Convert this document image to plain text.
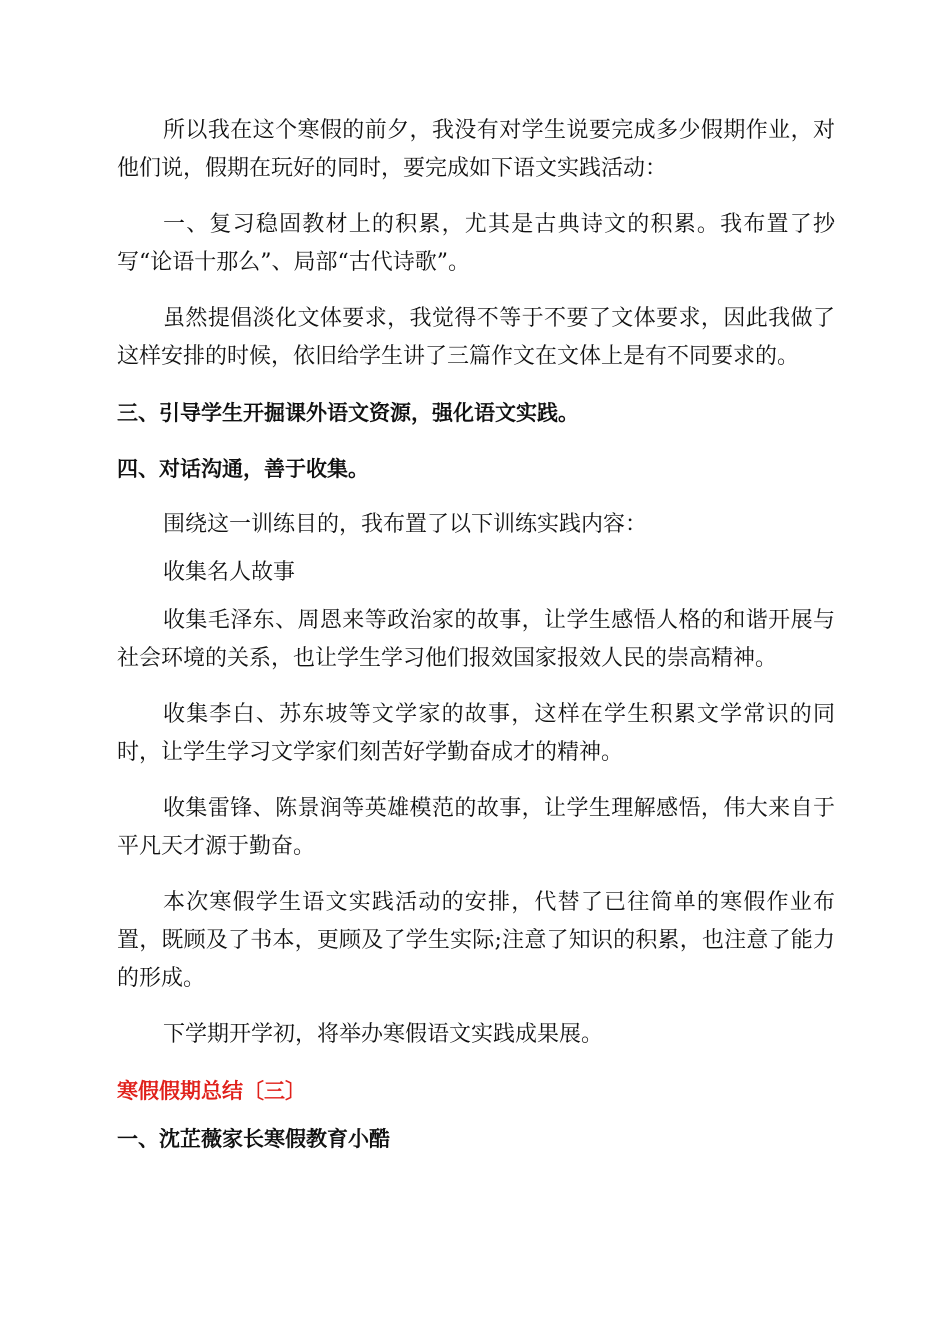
所以我在这个寒假的前夕，我没有对学生说要完成多少假期作业，对他们说，假期在玩好的同时，要完成如下语文实践活动：

一、复习稳固教材上的积累，尤其是古典诗文的积累。我布置了抄写“论语十那么”、局部“古代诗歌”。

虽然提倡淡化文体要求，我觉得不等于不要了文体要求，因此我做了这样安排的时候，依旧给学生讲了三篇作文在文体上是有不同要求的。

三、引导学生开掘课外语文资源，强化语文实践。

四、对话沟通，善于收集。

围绕这一训练目的，我布置了以下训练实践内容：

收集名人故事

收集毛泽东、周恩来等政治家的故事，让学生感悟人格的和谐开展与社会环境的关系，也让学生学习他们报效国家报效人民的崇高精神。

收集李白、苏东坡等文学家的故事，这样在学生积累文学常识的同时，让学生学习文学家们刻苦好学勤奋成才的精神。

收集雷锋、陈景润等英雄模范的故事，让学生理解感悟，伟大来自于平凡天才源于勤奋。

本次寒假学生语文实践活动的安排，代替了已往简单的寒假作业布置，既顾及了书本，更顾及了学生实际;注意了知识的积累，也注意了能力的形成。

下学期开学初，将举办寒假语文实践成果展。

寒假假期总结〔三〕

一、沈芷薇家长寒假教育小酷
